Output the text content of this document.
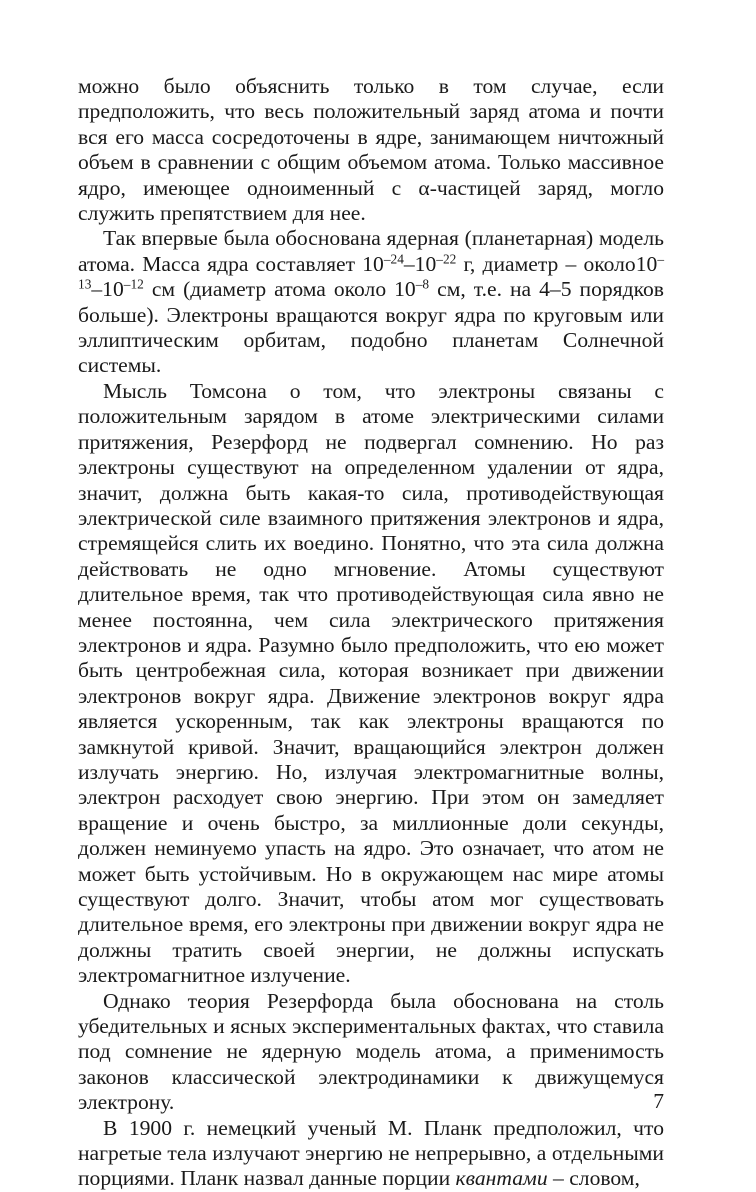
можно было объяснить только в том случае, если предположить, что весь положительный заряд атома и почти вся его масса сосредоточены в ядре, занимающем ничтожный объем в сравнении с общим объемом атома. Только массивное ядро, имеющее одноименный с α-частицей заряд, могло служить препятствием для нее.

Так впервые была обоснована ядерная (планетарная) модель атома. Масса ядра составляет $10^{-24}-10^{-22}$ г, диаметр – $около10^{-13}-10^{-12}$ см (диаметр атома около $10^{-8}$ см, т.е. на 4–5 порядков больше). Электроны вращаются вокруг ядра по круговым или эллиптическим орбитам, подобно планетам Солнечной системы.

Мысль Томсона о том, что электроны связаны с положительным зарядом в атоме электрическими силами притяжения, Резерфорд не подвергал сомнению. Но раз электроны существуют на определенном удалении от ядра, значит, должна быть какая-то сила, противодействующая электрической силе взаимного притяжения электронов и ядра, стремящейся слить их воедино. Понятно, что эта сила должна действовать не одно мгновение. Атомы существуют длительное время, так что противодействующая сила явно не менее постоянна, чем сила электрического притяжения электронов и ядра. Разумно было предположить, что ею может быть центробежная сила, которая возникает при движении электронов вокруг ядра. Движение электронов вокруг ядра является ускоренным, так как электроны вращаются по замкнутой кривой. Значит, вращающийся электрон должен излучать энергию. Но, излучая электромагнитные волны, электрон расходует свою энергию. При этом он замедляет вращение и очень быстро, за миллионные доли секунды, должен неминуемо упасть на ядро. Это означает, что атом не может быть устойчивым. Но в окружающем нас мире атомы существуют долго. Значит, чтобы атом мог существовать длительное время, его электроны при движении вокруг ядра не должны тратить своей энергии, не должны испускать электромагнитное излучение.

Однако теория Резерфорда была обоснована на столь убедительных и ясных экспериментальных фактах, что ставила под сомнение не ядерную модель атома, а применимость законов классической электродинамики к движущемуся электрону.

В 1900 г. немецкий ученый М. Планк предположил, что нагретые тела излучают энергию не непрерывно, а отдельными порциями. Планк назвал данные порции квантами – словом,

7
